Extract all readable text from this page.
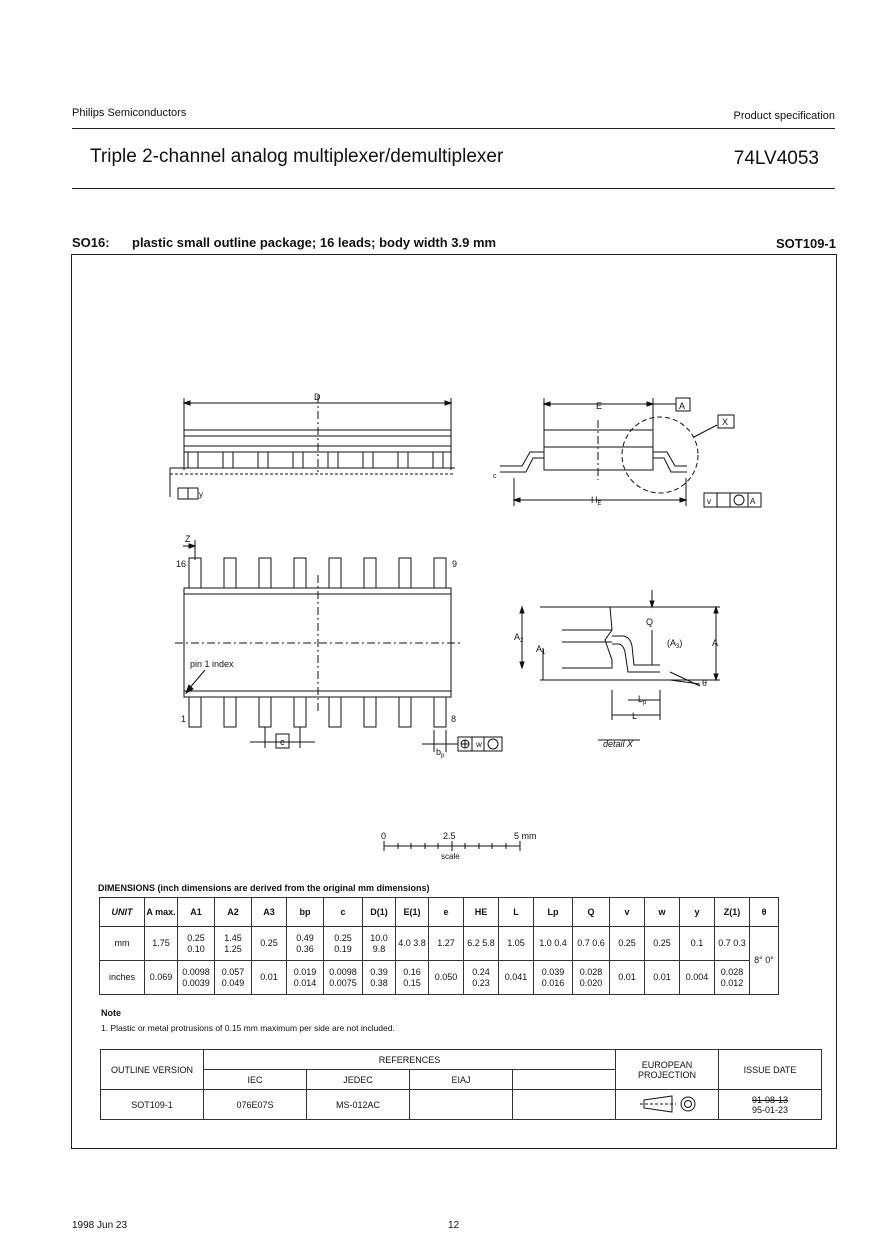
Philips Semiconductors	Product specification
Triple 2-channel analog multiplexer/demultiplexer	74LV4053
SO16: plastic small outline package; 16 leads; body width 3.9 mm	SOT109-1
D
E	A
X
c
$H_E$	v	A
y
Z
16	9
1	8
pin 1 index
e
$b_p$
w
Q
$A_2$
$A_1$
$(A_3)$	A
θ
$L_p$
L
detail X
0	2.5	5 mm
scale
DIMENSIONS (inch dimensions are derived from the original mm dimensions)
UNIT	A max.	A1	A2	A3	bp	c	D(1)	E(1)	e	HE	L	Lp	Q	v	w	y	Z(1)	θ
mm	1.75	0.25 0.10	1.45 1.25	0.25	0.49 0.36	0.25 0.19	10.0 9.8	4.0 3.8	1.27	6.2 5.8	1.05	1.0 0.4	0.7 0.6	0.25	0.25	0.1	0.7 0.3	8° 0°
inches	0.069	0.0098 0.0039	0.057 0.049	0.01	0.019 0.014	0.0098 0.0075	0.39 0.38	0.16 0.15	0.050	0.24 0.23	0.041	0.039 0.016	0.028 0.020	0.01	0.01	0.004	0.028 0.012	
Note
1. Plastic or metal protrusions of 0.15 mm maximum per side are not included.
OUTLINE VERSION	REFERENCES				EUROPEAN PROJECTION	ISSUE DATE
	IEC	JEDEC	EIAJ			
SOT109-1	076E07S	MS-012AC				91-08-13
95-01-23
1998 Jun 23	12
